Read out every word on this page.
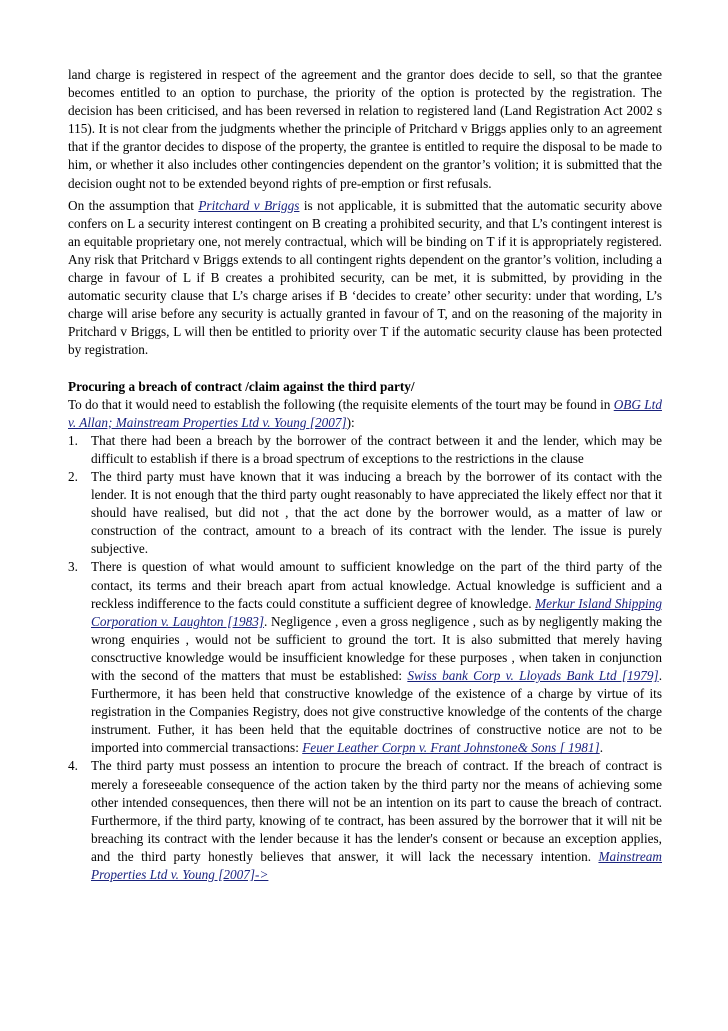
land charge is registered in respect of the agreement and the grantor does decide to sell, so that the grantee becomes entitled to an option to purchase, the priority of the option is protected by the registration. The decision has been criticised, and has been reversed in relation to registered land (Land Registration Act 2002 s 115). It is not clear from the judgments whether the principle of Pritchard v Briggs applies only to an agreement that if the grantor decides to dispose of the property, the grantee is entitled to require the disposal to be made to him, or whether it also includes other contingencies dependent on the grantor’s volition; it is submitted that the decision ought not to be extended beyond rights of pre-emption or first refusals.

On the assumption that Pritchard v Briggs is not applicable, it is submitted that the automatic security above confers on L a security interest contingent on B creating a prohibited security, and that L’s contingent interest is an equitable proprietary one, not merely contractual, which will be binding on T if it is appropriately registered. Any risk that Pritchard v Briggs extends to all contingent rights dependent on the grantor’s volition, including a charge in favour of L if B creates a prohibited security, can be met, it is submitted, by providing in the automatic security clause that L’s charge arises if B ‘decides to create’ other security: under that wording, L’s charge will arise before any security is actually granted in favour of T, and on the reasoning of the majority in Pritchard v Briggs, L will then be entitled to priority over T if the automatic security clause has been protected by registration.

Procuring a breach of contract /claim against the third party/

To do that it would need to establish the following (the requisite elements of the tourt may be found in OBG Ltd v. Allan; Mainstream Properties Ltd v. Young [2007]):

1. That there had been a breach by the borrower of the contract between it and the lender, which may be difficult to establish if there is a broad spectrum of exceptions to the restrictions in the clause
2. The third party must have known that it was inducing a breach by the borrower of its contact with the lender. It is not enough that the third party ought reasonably to have appreciated the likely effect nor that it should have realised, but did not , that the act done by the borrower would, as a matter of law or construction of the contract, amount to a breach of its contract with the lender. The issue is purely subjective.
3. There is question of what would amount to sufficient knowledge on the part of the third party of the contact, its terms and their breach apart from actual knowledge. Actual knowledge is sufficient and a reckless indifference to the facts could constitute a sufficient degree of knowledge. Merkur Island Shipping Corporation v. Laughton [1983]. Negligence , even a gross negligence , such as by negligently making the wrong enquiries , would not be sufficient to ground the tort. It is also submitted that merely having consctructive knowledge would be insufficient knowledge for these purposes , when taken in conjunction with the second of the matters that must be established: Swiss bank Corp v. Lloyads Bank Ltd [1979]. Furthermore, it has been held that constructive knowledge of the existence of a charge by virtue of its registration in the Companies Registry, does not give constructive knowledge of the contents of the charge instrument. Futher, it has been held that the equitable doctrines of constructive notice are not to be imported into commercial transactions: Feuer Leather Corpn v. Frant Johnstone& Sons [ 1981].
4. The third party must possess an intention to procure the breach of contract. If the breach of contract is merely a foreseeable consequence of the action taken by the third party nor the means of achieving some other intended consequences, then there will not be an intention on its part to cause the breach of contract. Furthermore, if the third party, knowing of te contract, has been assured by the borrower that it will nit be breaching its contract with the lender because it has the lender's consent or because an exception applies, and the third party honestly believes that answer, it will lack the necessary intention. Mainstream Properties Ltd v. Young [2007]->
